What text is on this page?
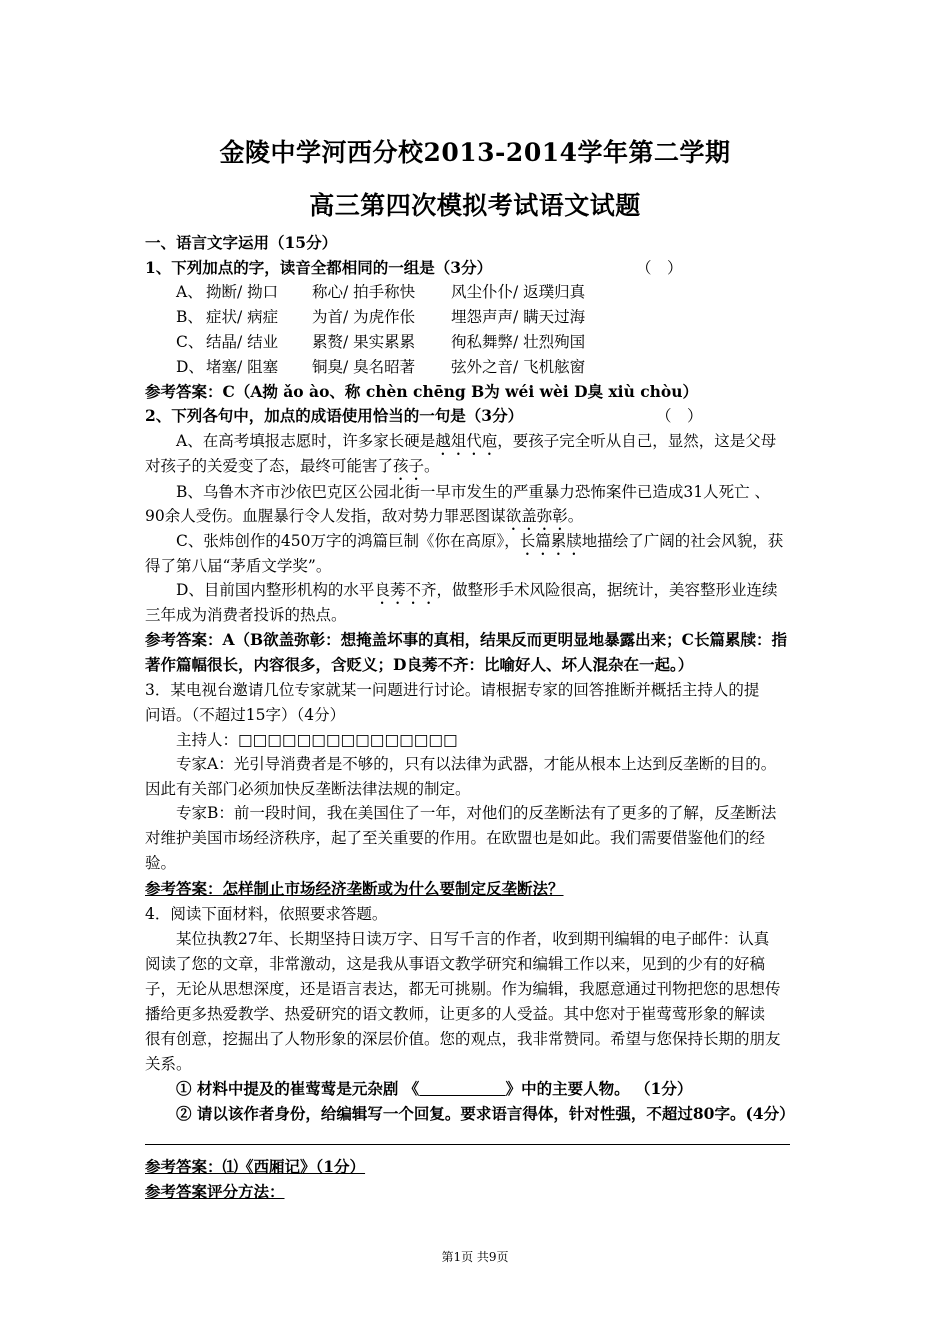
金陵中学河西分校2013-2014学年第二学期
高三第四次模拟考试语文试题
一、语言文字运用（15分）
1、下列加点的字，读音全都相同的一组是（3分）	（　）
A、 拗断/ 拗口 称心/ 拍手称快 风尘仆仆/ 返璞归真
B、 症状/ 病症 为首/ 为虎作伥 埋怨声声/ 瞒天过海
C、 结晶/ 结业 累赘/ 果实累累 徇私舞弊/ 壮烈殉国
D、 堵塞/ 阻塞 铜臭/ 臭名昭著 弦外之音/ 飞机舷窗
参考答案：C（A拗 ǎo ào、称 chèn chēng B为 wéi wèi D臭 xiù chòu）
2、下列各句中，加点的成语使用恰当的一句是（3分）	（　）
A、在高考填报志愿时，许多家长硬是越俎代庖，要孩子完全听从自己，显然，这是父母
对孩子的关爱变了态，最终可能害了孩子。
B、乌鲁木齐市沙依巴克区公园北街一早市发生的严重暴力恐怖案件已造成31人死亡 、
90余人受伤。血腥暴行令人发指，敌对势力罪恶图谋欲盖弥彰。
C、张炜创作的450万字的鸿篇巨制《你在高原》，长篇累牍地描绘了广阔的社会风貌，获
得了第八届“茅盾文学奖”。
D、目前国内整形机构的水平良莠不齐，做整形手术风险很高，据统计，美容整形业连续
三年成为消费者投诉的热点。
参考答案：A（B欲盖弥彰：想掩盖坏事的真相，结果反而更明显地暴露出来；C长篇累牍：指
著作篇幅很长，内容很多，含贬义；D良莠不齐：比喻好人、坏人混杂在一起。）
3．某电视台邀请几位专家就某一问题进行讨论。请根据专家的回答推断并概括主持人的提
问语。（不超过15字）（4分）
主持人：□□□□□□□□□□□□□□□
专家A：光引导消费者是不够的，只有以法律为武器，才能从根本上达到反垄断的目的。
因此有关部门必须加快反垄断法律法规的制定。
专家B：前一段时间，我在美国住了一年，对他们的反垄断法有了更多的了解，反垄断法
对维护美国市场经济秩序，起了至关重要的作用。在欧盟也是如此。我们需要借鉴他们的经
验。
参考答案：怎样制止市场经济垄断或为什么要制定反垄断法？
4．阅读下面材料，依照要求答题。
某位执教27年、长期坚持日读万字、日写千言的作者，收到期刊编辑的电子邮件：认真
阅读了您的文章，非常激动，这是我从事语文教学研究和编辑工作以来，见到的少有的好稿
子，无论从思想深度，还是语言表达，都无可挑剔。作为编辑，我愿意通过刊物把您的思想传
播给更多热爱教学、热爱研究的语文教师，让更多的人受益。其中您对于崔莺莺形象的解读
很有创意，挖掘出了人物形象的深层价值。您的观点，我非常赞同。希望与您保持长期的朋友
关系。
① 材料中提及的崔莺莺是元杂剧 《	》中的主要人物。 （1分）
② 请以该作者身份，给编辑写一个回复。要求语言得体，针对性强，不超过80字。(4分）
参考答案：⑴《西厢记》（1分）
参考答案评分方法：
第1页 共9页
